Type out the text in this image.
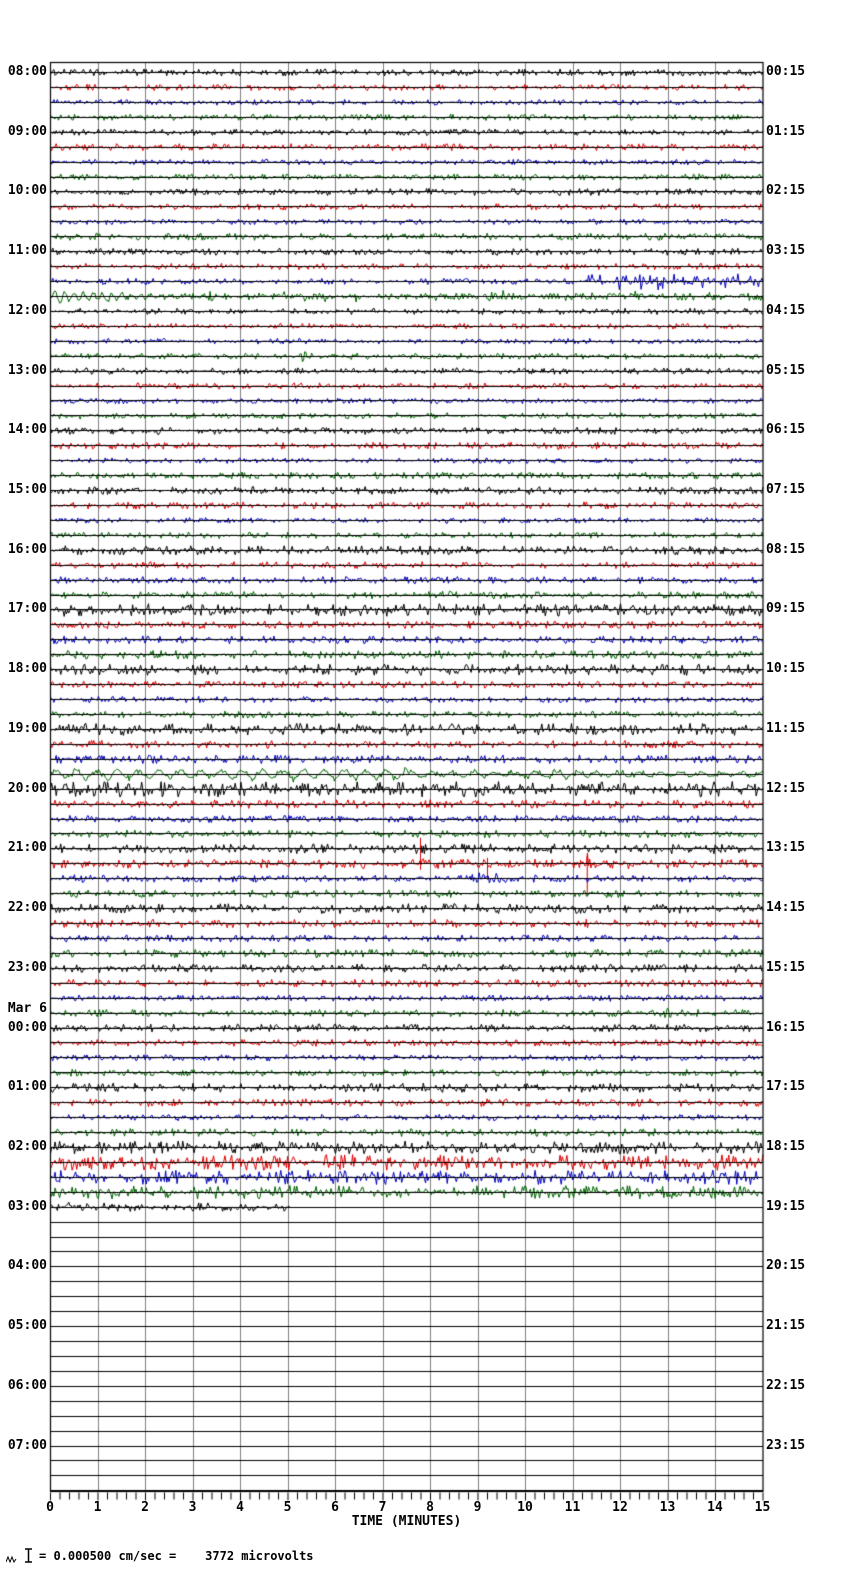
08:00
09:00
10:00
11:00
12:00
13:00
14:00
15:00
16:00
17:00
18:00
19:00
20:00
21:00
22:00
23:00
Mar 6
00:00
01:00
02:00
03:00
04:00
05:00
06:00
07:00
00:15
01:15
02:15
03:15
04:15
05:15
06:15
07:15
08:15
09:15
10:15
11:15
12:15
13:15
14:15
15:15
16:15
17:15
18:15
19:15
20:15
21:15
22:15
23:15
0	1	2	3	4	5	6	7	8	9	10	11	12	13	14	15
TIME (MINUTES)
= 0.000500 cm/sec =    3772 microvolts
